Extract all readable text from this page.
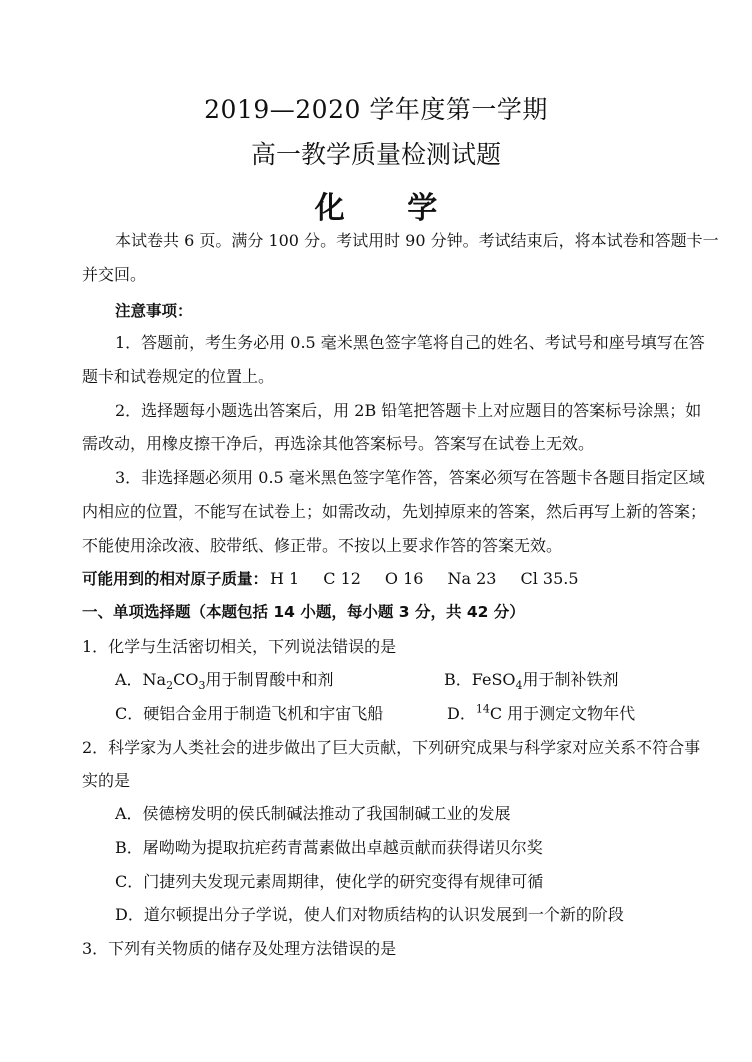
2019—2020 学年度第一学期
高一教学质量检测试题
化 学
本试卷共 6 页。满分 100 分。考试用时 90 分钟。考试结束后，将本试卷和答题卡一
并交回。
注意事项：
1．答题前，考生务必用 0.5 毫米黑色签字笔将自己的姓名、考试号和座号填写在答
题卡和试卷规定的位置上。
2．选择题每小题选出答案后，用 2B 铅笔把答题卡上对应题目的答案标号涂黑；如
需改动，用橡皮擦干净后，再选涂其他答案标号。答案写在试卷上无效。
3．非选择题必须用 0.5 毫米黑色签字笔作答，答案必须写在答题卡各题目指定区域
内相应的位置，不能写在试卷上；如需改动，先划掉原来的答案，然后再写上新的答案；
不能使用涂改液、胶带纸、修正带。不按以上要求作答的答案无效。
可能用到的相对原子质量： H 1 C 12 O 16 Na 23 Cl 35.5
一、单项选择题（本题包括 14 小题，每小题 3 分，共 42 分）
1．化学与生活密切相关，下列说法错误的是
A．$Na_2CO_3$用于制胃酸中和剂	B．FeSO$_4$用于制补铁剂
C．硬铝合金用于制造飞机和宇宙飞船	D．$^{14}$C 用于测定文物年代
2．科学家为人类社会的进步做出了巨大贡献，下列研究成果与科学家对应关系不符合事
实的是
A．侯德榜发明的侯氏制碱法推动了我国制碱工业的发展
B．屠呦呦为提取抗疟药青蒿素做出卓越贡献而获得诺贝尔奖
C．门捷列夫发现元素周期律，使化学的研究变得有规律可循
D．道尔顿提出分子学说，使人们对物质结构的认识发展到一个新的阶段
3．下列有关物质的储存及处理方法错误的是
